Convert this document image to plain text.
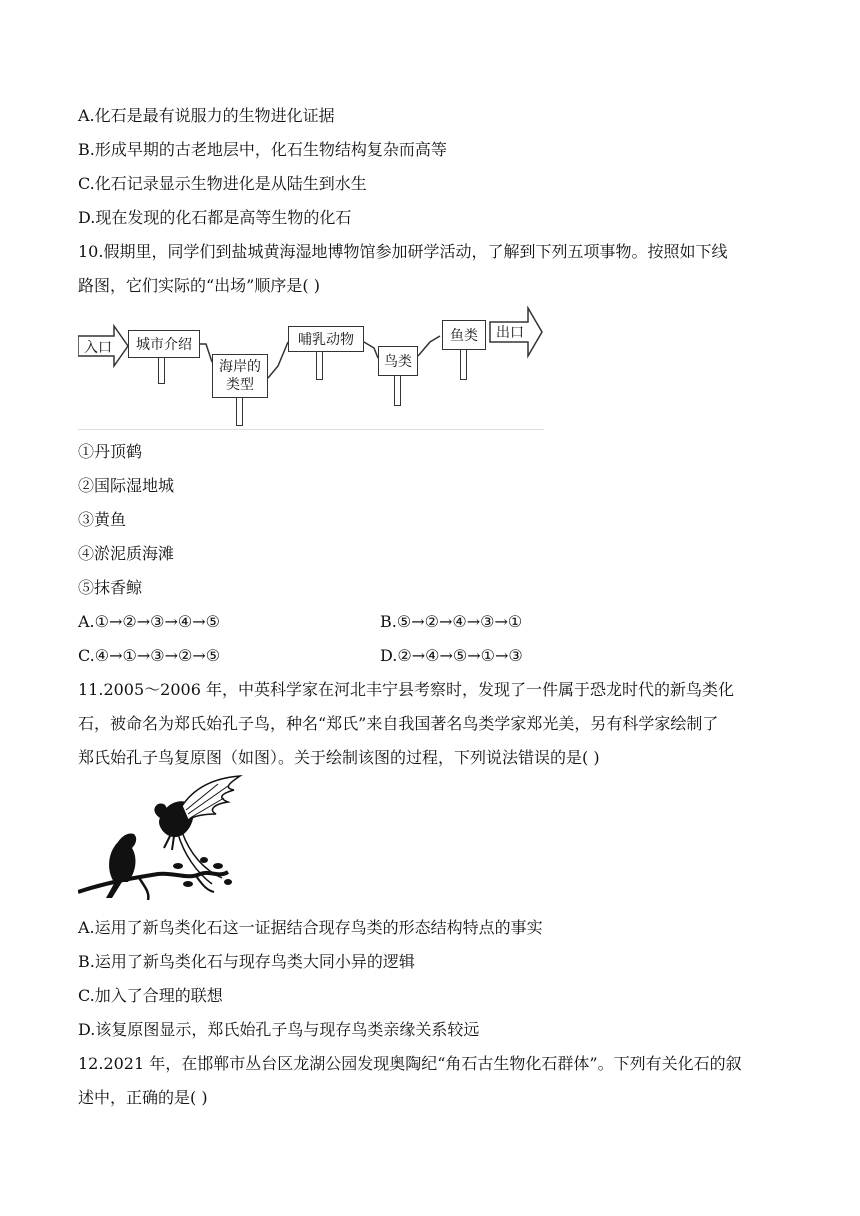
A.化石是最有说服力的生物进化证据
B.形成早期的古老地层中，化石生物结构复杂而高等
C.化石记录显示生物进化是从陆生到水生
D.现在发现的化石都是高等生物的化石
10.假期里，同学们到盐城黄海湿地博物馆参加研学活动，了解到下列五项事物。按照如下线
路图，它们实际的“出场”顺序是( )
入口	城市介绍
海岸的
类型
哺乳动物
鸟类
鱼类	出口
①丹顶鹤
②国际湿地城
③黄鱼
④淤泥质海滩
⑤抹香鲸
A.①→②→③→④→⑤	B.⑤→②→④→③→①
C.④→①→③→②→⑤	D.②→④→⑤→①→③
11.2005～2006 年，中英科学家在河北丰宁县考察时，发现了一件属于恐龙时代的新鸟类化
石，被命名为郑氏始孔子鸟，种名“郑氏”来自我国著名鸟类学家郑光美，另有科学家绘制了
郑氏始孔子鸟复原图（如图）。关于绘制该图的过程，下列说法错误的是( )
A.运用了新鸟类化石这一证据结合现存鸟类的形态结构特点的事实
B.运用了新鸟类化石与现存鸟类大同小异的逻辑
C.加入了合理的联想
D.该复原图显示，郑氏始孔子鸟与现存鸟类亲缘关系较远
12.2021 年，在邯郸市丛台区龙湖公园发现奥陶纪“角石古生物化石群体”。下列有关化石的叙
述中，正确的是( )
